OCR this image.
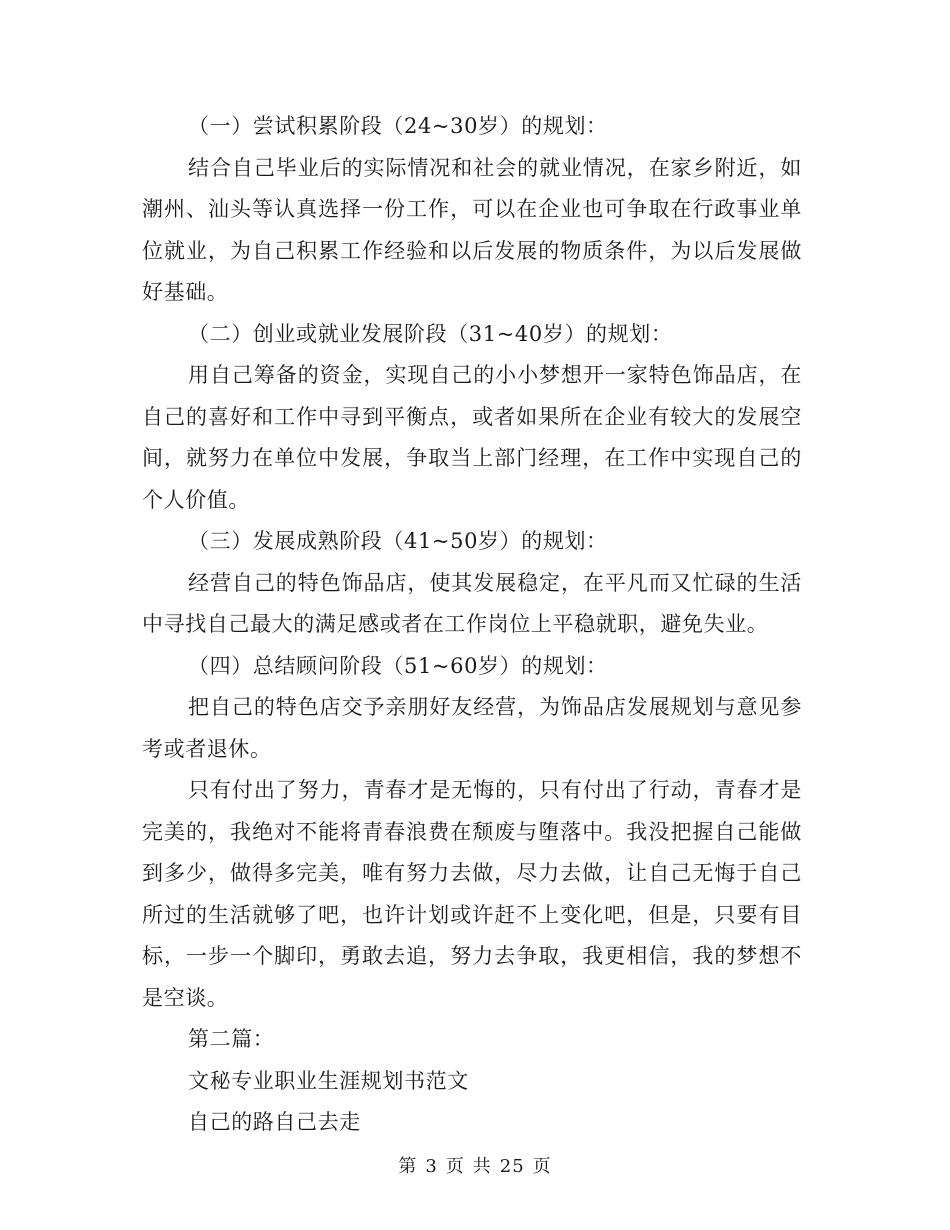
（一）尝试积累阶段（24~30岁）的规划：

结合自己毕业后的实际情况和社会的就业情况，在家乡附近，如潮州、汕头等认真选择一份工作，可以在企业也可争取在行政事业单位就业，为自己积累工作经验和以后发展的物质条件，为以后发展做好基础。

（二）创业或就业发展阶段（31~40岁）的规划：

用自己筹备的资金，实现自己的小小梦想开一家特色饰品店，在自己的喜好和工作中寻到平衡点，或者如果所在企业有较大的发展空间，就努力在单位中发展，争取当上部门经理，在工作中实现自己的个人价值。

（三）发展成熟阶段（41~50岁）的规划：

经营自己的特色饰品店，使其发展稳定，在平凡而又忙碌的生活中寻找自己最大的满足感或者在工作岗位上平稳就职，避免失业。

（四）总结顾问阶段（51~60岁）的规划：

把自己的特色店交予亲朋好友经营，为饰品店发展规划与意见参考或者退休。

只有付出了努力，青春才是无悔的，只有付出了行动，青春才是完美的，我绝对不能将青春浪费在颓废与堕落中。我没把握自己能做到多少，做得多完美，唯有努力去做，尽力去做，让自己无悔于自己所过的生活就够了吧，也许计划或许赶不上变化吧，但是，只要有目标，一步一个脚印，勇敢去追，努力去争取，我更相信，我的梦想不是空谈。

第二篇：

文秘专业职业生涯规划书范文

自己的路自己去走

第 3 页 共 25 页
